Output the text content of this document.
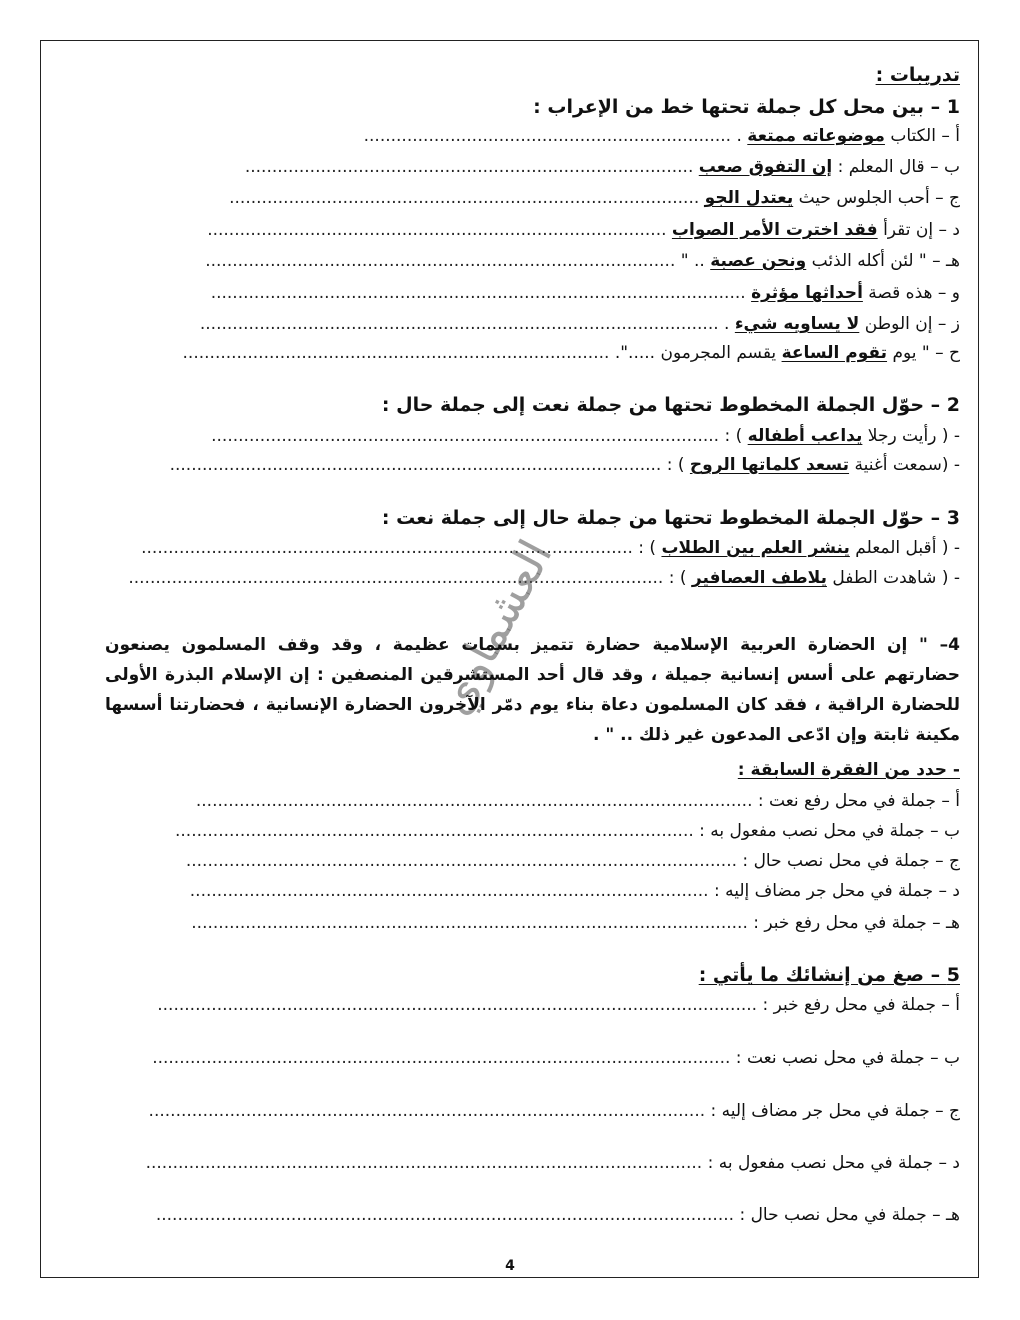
تدريبات :
1 – بين محل كل جملة تحتها خط من الإعراب :
أ – الكتاب موضوعاته ممتعة . ....................................................................
ب – قال المعلم : إن التفوق صعب ...................................................................................
ج – أحب الجلوس حيث يعتدل الجو .......................................................................................
د – إن تقرأ فقد اخترت الأمر الصواب .....................................................................................
هـ – " لئن أكله الذئب ونحن عصبة .. " .......................................................................................
و – هذه قصة أحداثها مؤثرة ...................................................................................................
ز – إن الوطن لا يساويه شيء . ................................................................................................
ح – " يوم تقوم الساعة يقسم المجرمون .....". ...............................................................................
2 – حوّل الجملة المخطوط تحتها من جملة نعت إلى جملة حال :
- ( رأيت رجلا يداعب أطفاله ) : ..............................................................................................
- (سمعت أغنية تسعد كلماتها الروح ) : ...........................................................................................
3 – حوّل الجملة المخطوط تحتها من جملة حال إلى جملة نعت :
- ( أقبل المعلم ينشر العلم بين الطلاب ) : ...........................................................................................
- ( شاهدت الطفل يلاطف العصافير ) : ...................................................................................................
العشماوي
4– " إن الحضارة العربية الإسلامية حضارة تتميز بسمات عظيمة ، وقد وقف المسلمون يصنعون حضارتهم على أسس إنسانية جميلة ، وقد قال أحد المستشرقين المنصفين : إن الإسلام البذرة الأولى للحضارة الراقية ، فقد كان المسلمون دعاة بناء يوم دمّر الآخرون الحضارة الإنسانية ، فحضارتنا أسسها مكينة ثابتة وإن ادّعى المدعون غير ذلك .. " .
- حدد من الفقرة السابقة :
أ – جملة في محل رفع نعت : .......................................................................................................
ب – جملة في محل نصب مفعول به : ................................................................................................
ج – جملة في محل نصب حال : ......................................................................................................
د – جملة في محل جر مضاف إليه : ................................................................................................
هـ – جملة في محل رفع خبر : .......................................................................................................
5 – صغ من إنشائك ما يأتي :
أ – جملة في محل رفع خبر : ...............................................................................................................
ب – جملة في محل نصب نعت : ...........................................................................................................
ج – جملة في محل جر مضاف إليه : .......................................................................................................
د – جملة في محل نصب مفعول به : .......................................................................................................
هـ – جملة في محل نصب حال : ...........................................................................................................
4
